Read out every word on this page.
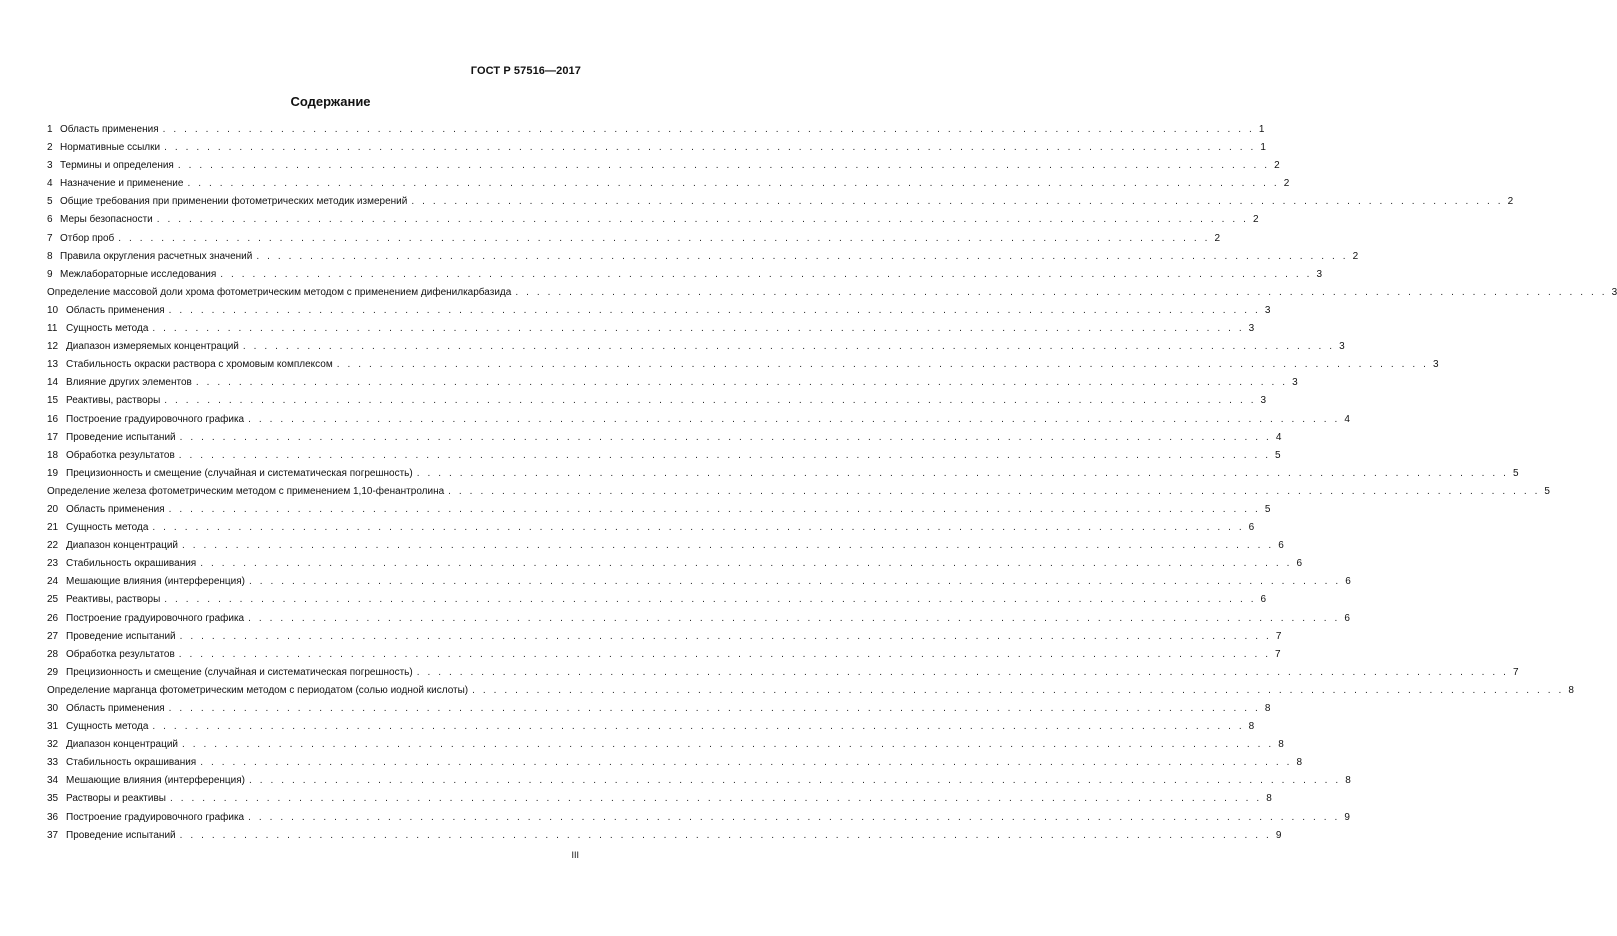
ГОСТ Р 57516—2017
Содержание
1 Область применения . . .	1
2 Нормативные ссылки . . .	1
3 Термины и определения . . .	2
4 Назначение и применение . . .	2
5 Общие требования при применении фотометрических методик измерений . . .	2
6 Меры безопасности . . .	2
7 Отбор проб . . .	2
8 Правила округления расчетных значений . . .	2
9 Межлабораторные исследования . . .	3
Определение массовой доли хрома фотометрическим методом с применением дифенилкарбазида . . .	3
10 Область применения . . .	3
11 Сущность метода . . .	3
12 Диапазон измеряемых концентраций . . .	3
13 Стабильность окраски раствора с хромовым комплексом . . .	3
14 Влияние других элементов . . .	3
15 Реактивы, растворы . . .	3
16 Построение градуировочного графика . . .	4
17 Проведение испытаний . . .	4
18 Обработка результатов . . .	5
19 Прецизионность и смещение (случайная и систематическая погрешность) . . .	5
Определение железа фотометрическим методом с применением 1,10-фенантролина . . .	5
20 Область применения . . .	5
21 Сущность метода . . .	6
22 Диапазон концентраций . . .	6
23 Стабильность окрашивания . . .	6
24 Мешающие влияния (интерференция) . . .	6
25 Реактивы, растворы . . .	6
26 Построение градуировочного графика . . .	6
27 Проведение испытаний . . .	7
28 Обработка результатов . . .	7
29 Прецизионность и смещение (случайная и систематическая погрешность) . . .	7
Определение марганца фотометрическим методом с периодатом (солью иодной кислоты) . . .	8
30 Область применения . . .	8
31 Сущность метода . . .	8
32 Диапазон концентраций . . .	8
33 Стабильность окрашивания . . .	8
34 Мешающие влияния (интерференция) . . .	8
35 Растворы и реактивы . . .	8
36 Построение градуировочного графика . . .	9
37 Проведение испытаний . . .	9
III
